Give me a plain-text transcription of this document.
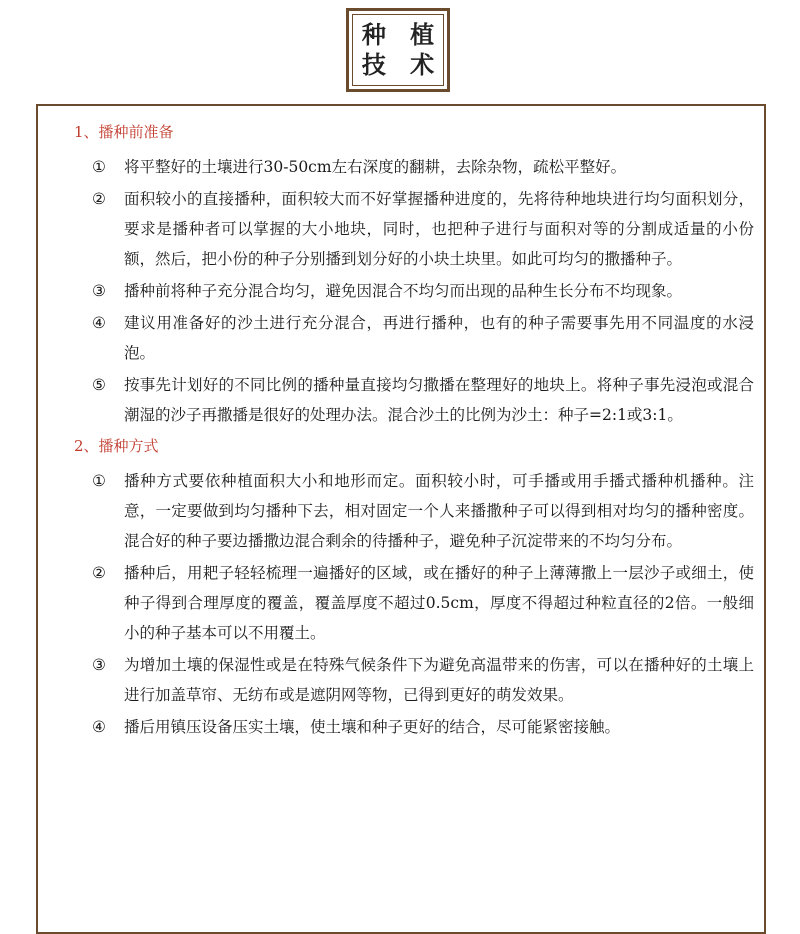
种 植
技 术
1、播种前准备
①	将平整好的土壤进行30-50cm左右深度的翻耕，去除杂物，疏松平整好。
②	面积较小的直接播种，面积较大而不好掌握播种进度的，先将待种地块进行均匀面积划分，要求是播种者可以掌握的大小地块，同时，也把种子进行与面积对等的分割成适量的小份额，然后，把小份的种子分别播到划分好的小块土块里。如此可均匀的撒播种子。
③	播种前将种子充分混合均匀，避免因混合不均匀而出现的品种生长分布不均现象。
④	建议用准备好的沙土进行充分混合，再进行播种，也有的种子需要事先用不同温度的水浸泡。
⑤	按事先计划好的不同比例的播种量直接均匀撒播在整理好的地块上。将种子事先浸泡或混合潮湿的沙子再撒播是很好的处理办法。混合沙土的比例为沙土：种子=2:1或3:1。
2、播种方式
①	播种方式要依种植面积大小和地形而定。面积较小时，可手播或用手播式播种机播种。注意，一定要做到均匀播种下去，相对固定一个人来播撒种子可以得到相对均匀的播种密度。混合好的种子要边播撒边混合剩余的待播种子，避免种子沉淀带来的不均匀分布。
②	播种后，用耙子轻轻梳理一遍播好的区域，或在播好的种子上薄薄撒上一层沙子或细土，使种子得到合理厚度的覆盖，覆盖厚度不超过0.5cm，厚度不得超过种粒直径的2倍。一般细小的种子基本可以不用覆土。
③	为增加土壤的保湿性或是在特殊气候条件下为避免高温带来的伤害，可以在播种好的土壤上进行加盖草帘、无纺布或是遮阴网等物，已得到更好的萌发效果。
④	播后用镇压设备压实土壤，使土壤和种子更好的结合，尽可能紧密接触。
